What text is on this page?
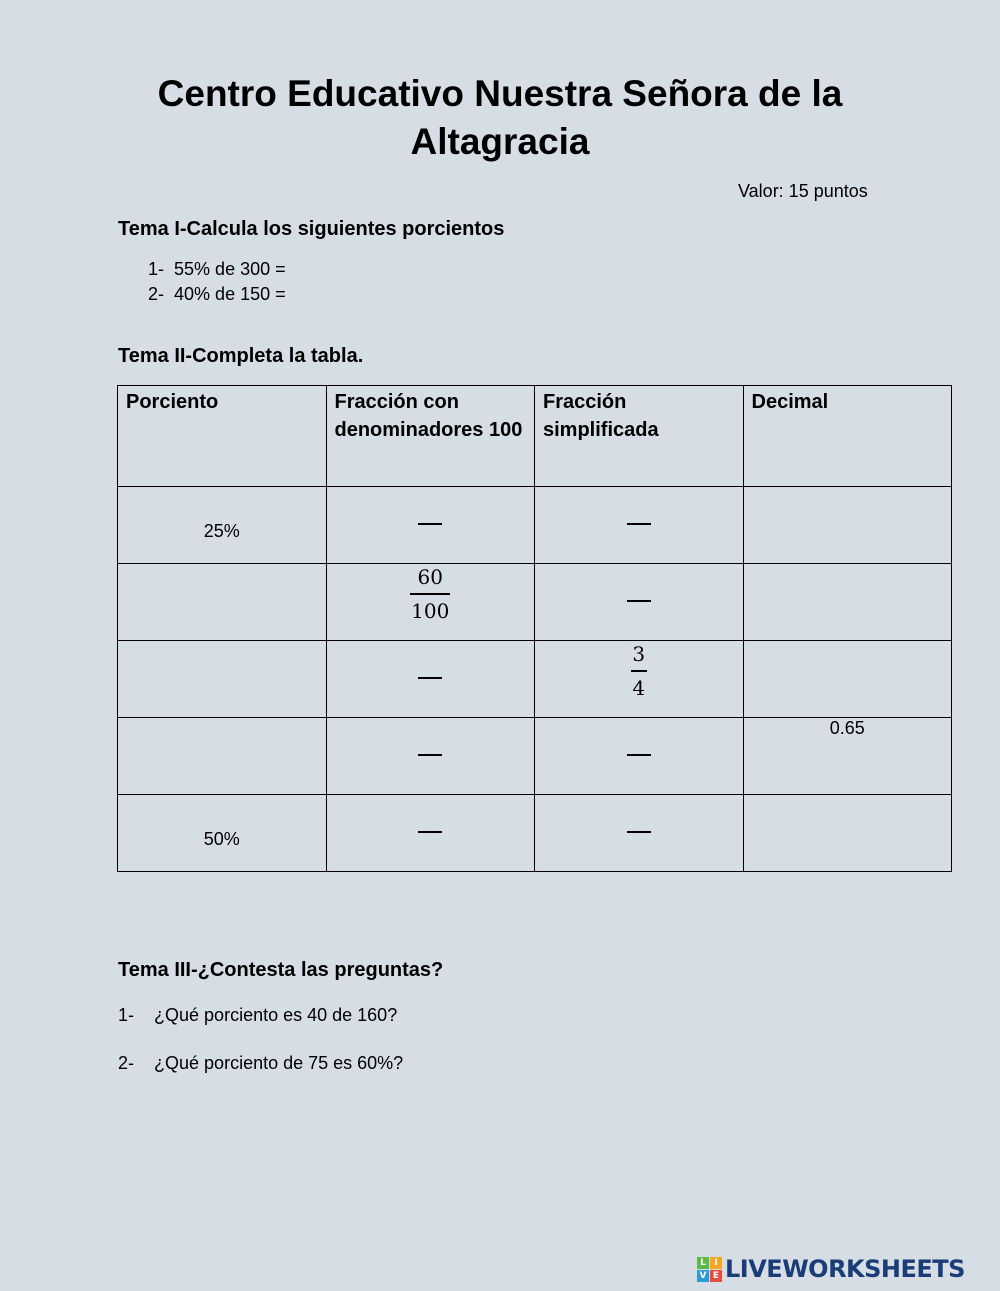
Centro Educativo Nuestra Señora de la Altagracia
Valor: 15 puntos
Tema I-Calcula los siguientes porcientos
1- 55% de 300 =
2- 40% de 150 =
Tema II-Completa la tabla.
Porciento	Fracción con denominadores 100	Fracción simplificada	Decimal

25%			

	60
100		

		3
4	

			0.65

50%			

Tema III-¿Contesta las preguntas?
1- ¿Qué porciento es 40 de 160?
2- ¿Qué porciento de 75 es 60%?
L I
V E LIVEWORKSHEETS
